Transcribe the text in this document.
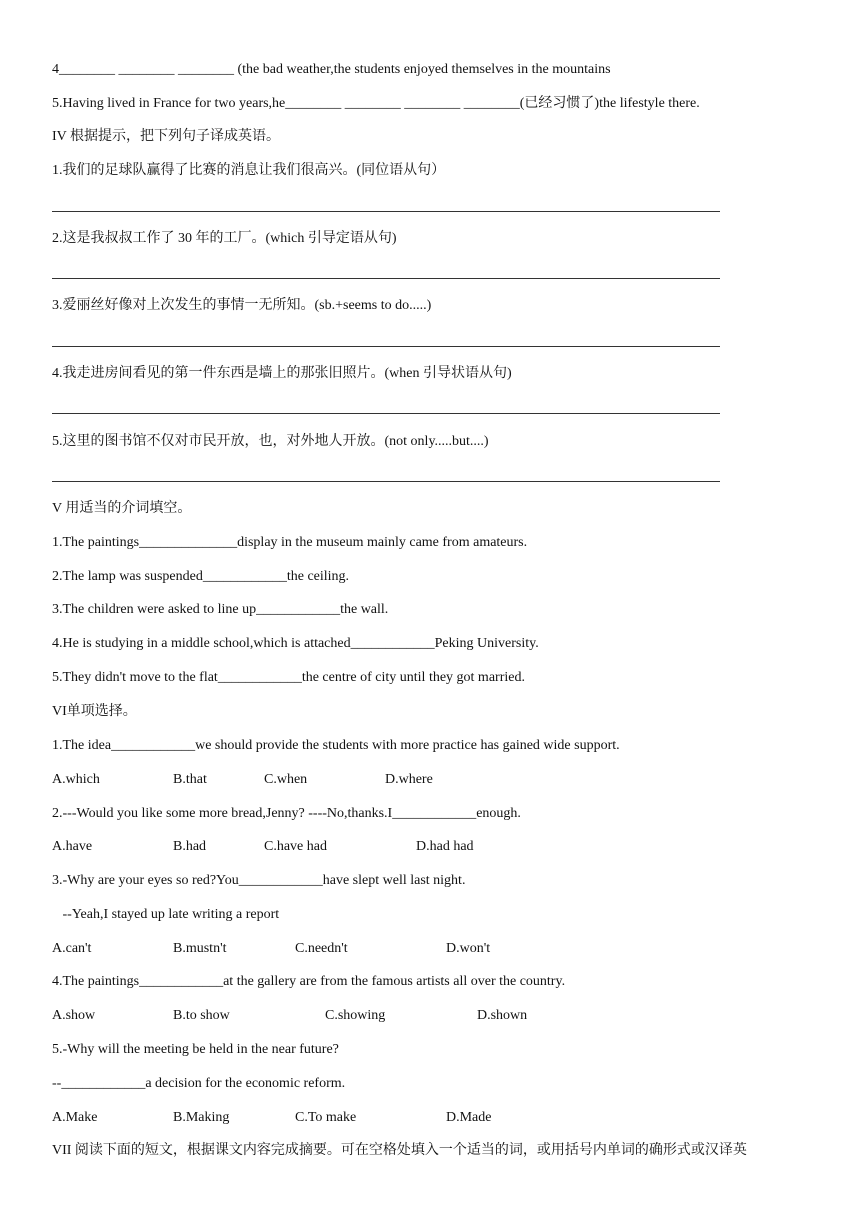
4________ ________ ________ (the bad weather,the students enjoyed themselves in the mountains
5.Having lived in France for two years,he________ ________ ________ ________(已经习惯了)the lifestyle there.
IV 根据提示，把下列句子译成英语。
1.我们的足球队赢得了比赛的消息让我们很高兴。(同位语从句）
2.这是我叔叔工作了 30 年的工厂。(which 引导定语从句)
3.爱丽丝好像对上次发生的事情一无所知。(sb.+seems to do.....)
4.我走进房间看见的第一件东西是墙上的那张旧照片。(when 引导状语从句)
5.这里的图书馆不仅对市民开放，也，对外地人开放。(not only.....but....)
V 用适当的介词填空。
1.The paintings______________display in the museum mainly came from amateurs.
2.The lamp was suspended____________the ceiling.
3.The children were asked to line up____________the wall.
4.He is studying in a middle school,which is attached____________Peking University.
5.They didn't move to the flat____________the centre of city until they got married.
VI单项选择。
1.The idea____________we should provide the students with more practice has gained wide support.
A.which	B.that	C.when	D.where
2.---Would you like some more bread,Jenny? ----No,thanks.I____________enough.
A.have	B.had	C.have had	D.had had
3.-Why are your eyes so red?You____________have slept well last night.
--Yeah,I stayed up late writing a report
A.can't	B.mustn't	C.needn't	D.won't
4.The paintings____________at the gallery are from the famous artists all over the country.
A.show	B.to show	C.showing	D.shown
5.-Why will the meeting be held in the near future?
--____________a decision for the economic reform.
A.Make	B.Making	C.To make	D.Made
VII 阅读下面的短文，根据课文内容完成摘要。可在空格处填入一个适当的词，或用括号内单词的确形式或汉译英
